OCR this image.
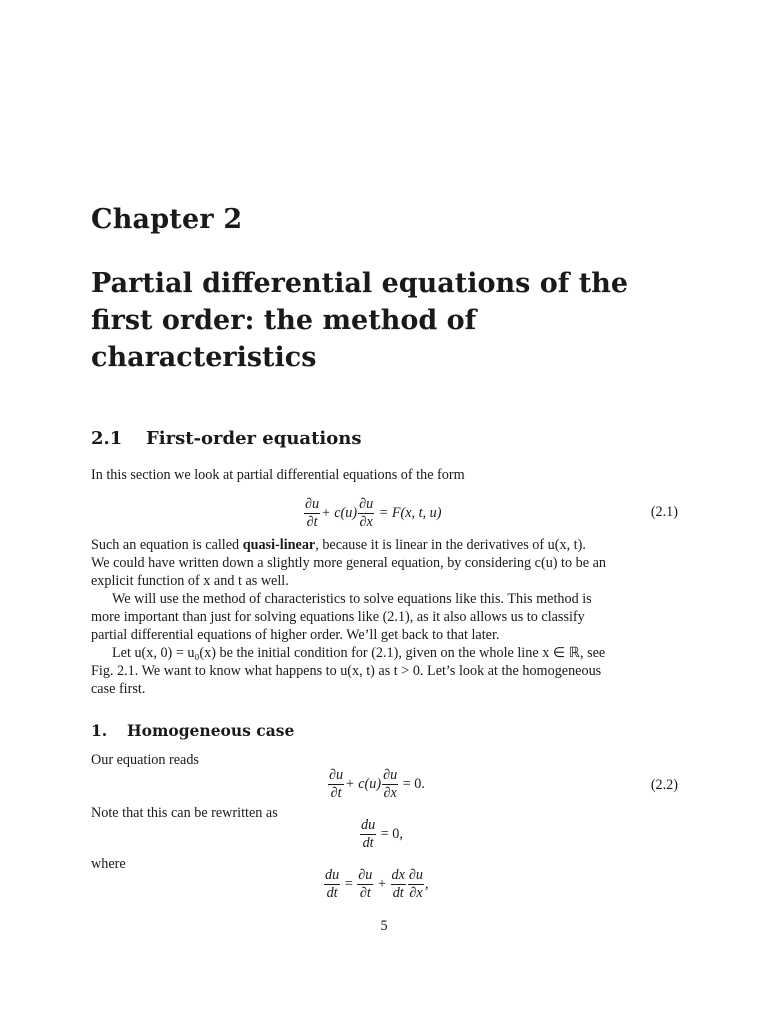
Chapter 2
Partial differential equations of the
first order: the method of
characteristics
2.1 First-order equations
In this section we look at partial differential equations of the form
$\frac{\partial u}{\partial t} + c(u) \frac{\partial u}{\partial x} = F(x$, t, u)	(2.1)
Such an equation is called quasi-linear, because it is linear in the derivatives of u(x, t).
We could have written down a slightly more general equation, by considering c(u) to be an
explicit function of x and t as well.
We will use the method of characteristics to solve equations like this. This method is
more important than just for solving equations like (2.1), as it also allows us to classify
partial differential equations of higher order. We’ll get back to that later.
Let u(x, 0) = u₀(x) be the initial condition for (2.1), given on the whole line x ∈ ℝ, see
Fig. 2.1. We want to know what happens to u(x, t) as t > 0. Let’s look at the homogeneous
case first.
1. Homogeneous case
Our equation reads
$\frac{\partial u}{\partial t} + c(u) \frac{\partial u}{\partial x} = 0$.	(2.2)
Note that this can be rewritten as
$\frac{du}{dt} = 0$,
where
$\frac{du}{dt} = \frac{\partial u}{\partial t} + \frac{dx}{dt} \frac{\partial u}{\partial x}$ ,
5
